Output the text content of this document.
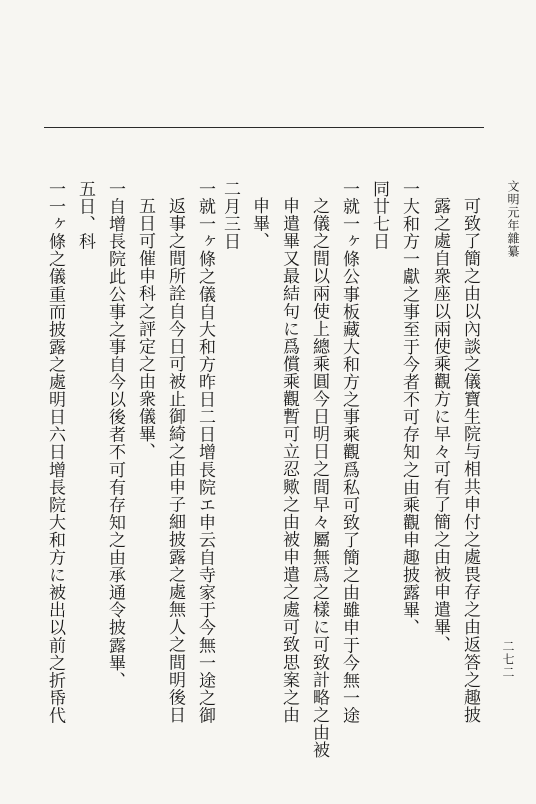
文明元年雜纂
二七二
可致了簡之由以內談之儀寶生院与相共申付之處畏存之由返答之趣披
露之處自衆座以兩使乘觀方に早々可有了簡之由被申遣畢、
一大和方一獻之事至于今者不可存知之由乘觀申趣披露畢、
同廿七日
一就一ヶ條公事板藏大和方之事乘觀爲私可致了簡之由雖申于今無一途
之儀之間以兩使上總乘圓今日明日之間早々屬無爲之樣に可致計略之由被
申遣畢又最結句に爲償乘觀暫可立忍歟之由被申遣之處可致思案之由
申畢、
二月三日
一就一ヶ條之儀自大和方昨日二日增長院エ申云自寺家于今無一途之御
返事之間所詮自今日可被止御綺之由申子細披露之處無人之間明後日
五日可催申科之評定之由衆儀畢、
一自增長院此公事之事自今以後者不可有存知之由承通令披露畢、
五日、科
一一ヶ條之儀重而披露之處明日六日增長院大和方に被出以前之折帋代
